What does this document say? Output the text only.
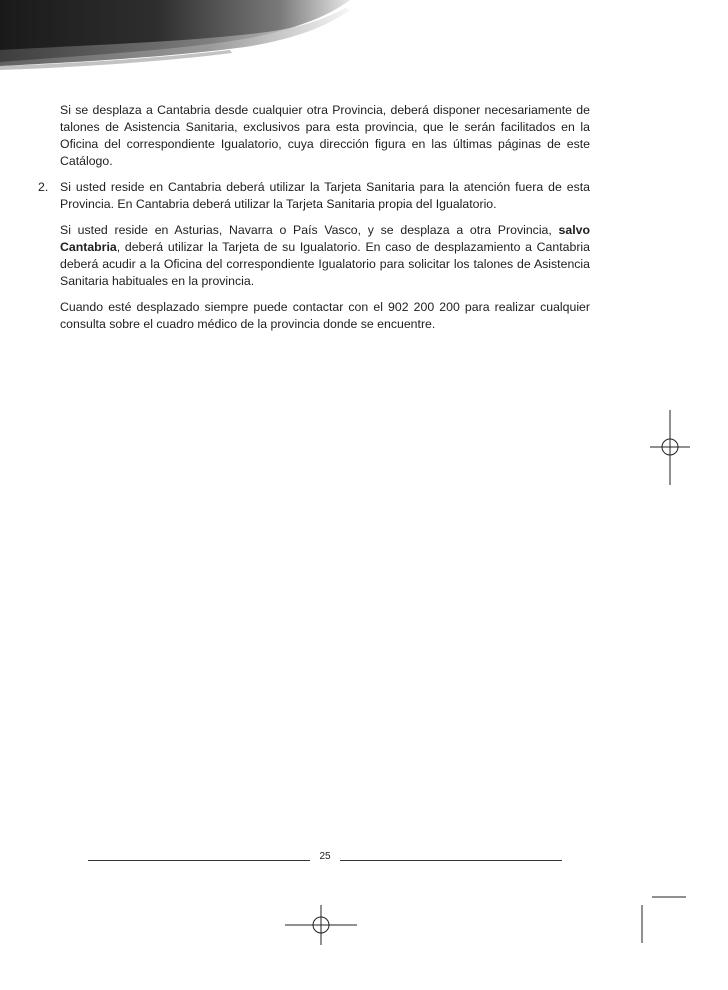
Si se desplaza a Cantabria desde cualquier otra Provincia, deberá disponer necesariamente de talones de Asistencia Sanitaria, exclusivos para esta provincia, que le serán facilitados en la Oficina del correspondiente Igualatorio, cuya dirección figura en las últimas páginas de este Catálogo.

2. Si usted reside en Cantabria deberá utilizar la Tarjeta Sanitaria para la atención fuera de esta Provincia. En Cantabria deberá utilizar la Tarjeta Sanitaria propia del Igualatorio.

Si usted reside en Asturias, Navarra o País Vasco, y se desplaza a otra Provincia, salvo Cantabria, deberá utilizar la Tarjeta de su Igualatorio. En caso de desplazamiento a Cantabria deberá acudir a la Oficina del correspondiente Igualatorio para solicitar los talones de Asistencia Sanitaria habituales en la provincia.

Cuando esté desplazado siempre puede contactar con el 902 200 200 para realizar cualquier consulta sobre el cuadro médico de la provincia donde se encuentre.

25
